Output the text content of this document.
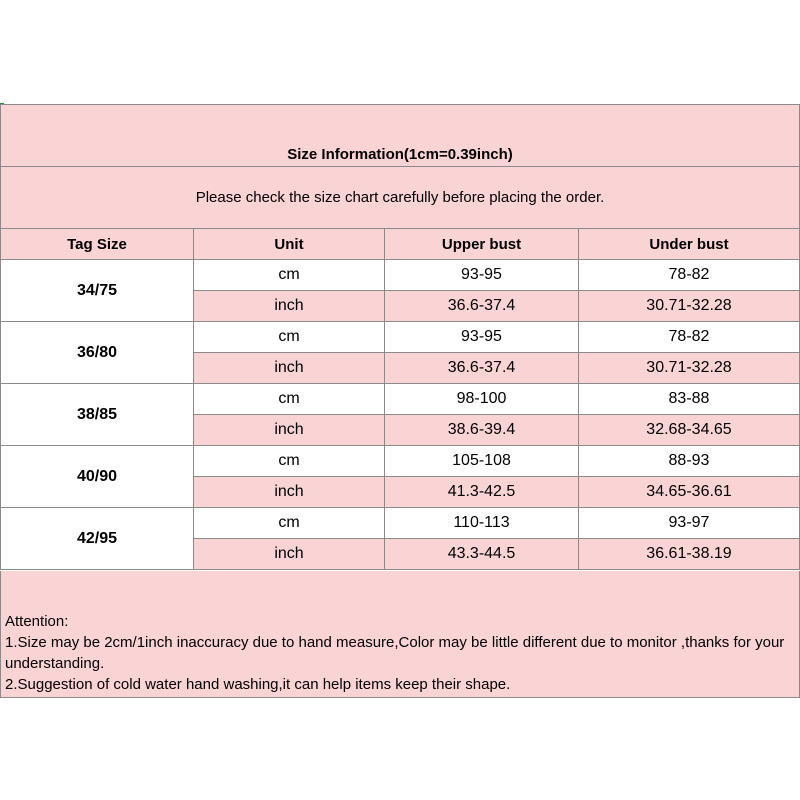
Size Information(1cm=0.39inch)
Please check the size chart carefully before placing the order.
Tag Size	Unit	Upper bust	Under bust
34/75
cm	93-95	78-82
inch	36.6-37.4	30.71-32.28
36/80
cm	93-95	78-82
inch	36.6-37.4	30.71-32.28
38/85
cm	98-100	83-88
inch	38.6-39.4	32.68-34.65
40/90
cm	105-108	88-93
inch	41.3-42.5	34.65-36.61
42/95
cm	110-113	93-97
inch	43.3-44.5	36.61-38.19
Attention:
1.Size may be 2cm/1inch inaccuracy due to hand measure,Color may be little different due to monitor ,thanks for your understanding.
2.Suggestion of cold water hand washing,it can help items keep their shape.
